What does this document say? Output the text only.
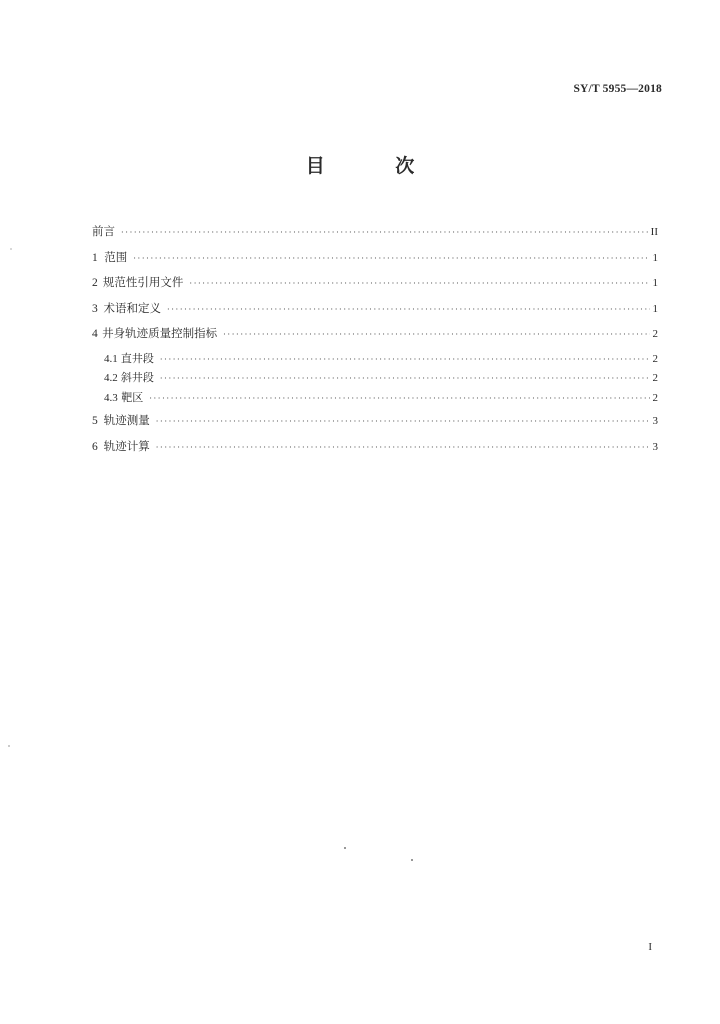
SY/T 5955—2018
目 次
前言 ·····	II
1 范围 ·····	1
2 规范性引用文件 ·····	1
3 术语和定义 ·····	1
4 井身轨迹质量控制指标 ·····	2
4.1 直井段 ·····	2
4.2 斜井段 ·····	2
4.3 靶区 ·····	2
5 轨迹测量 ·····	3
6 轨迹计算 ·····	3
I
